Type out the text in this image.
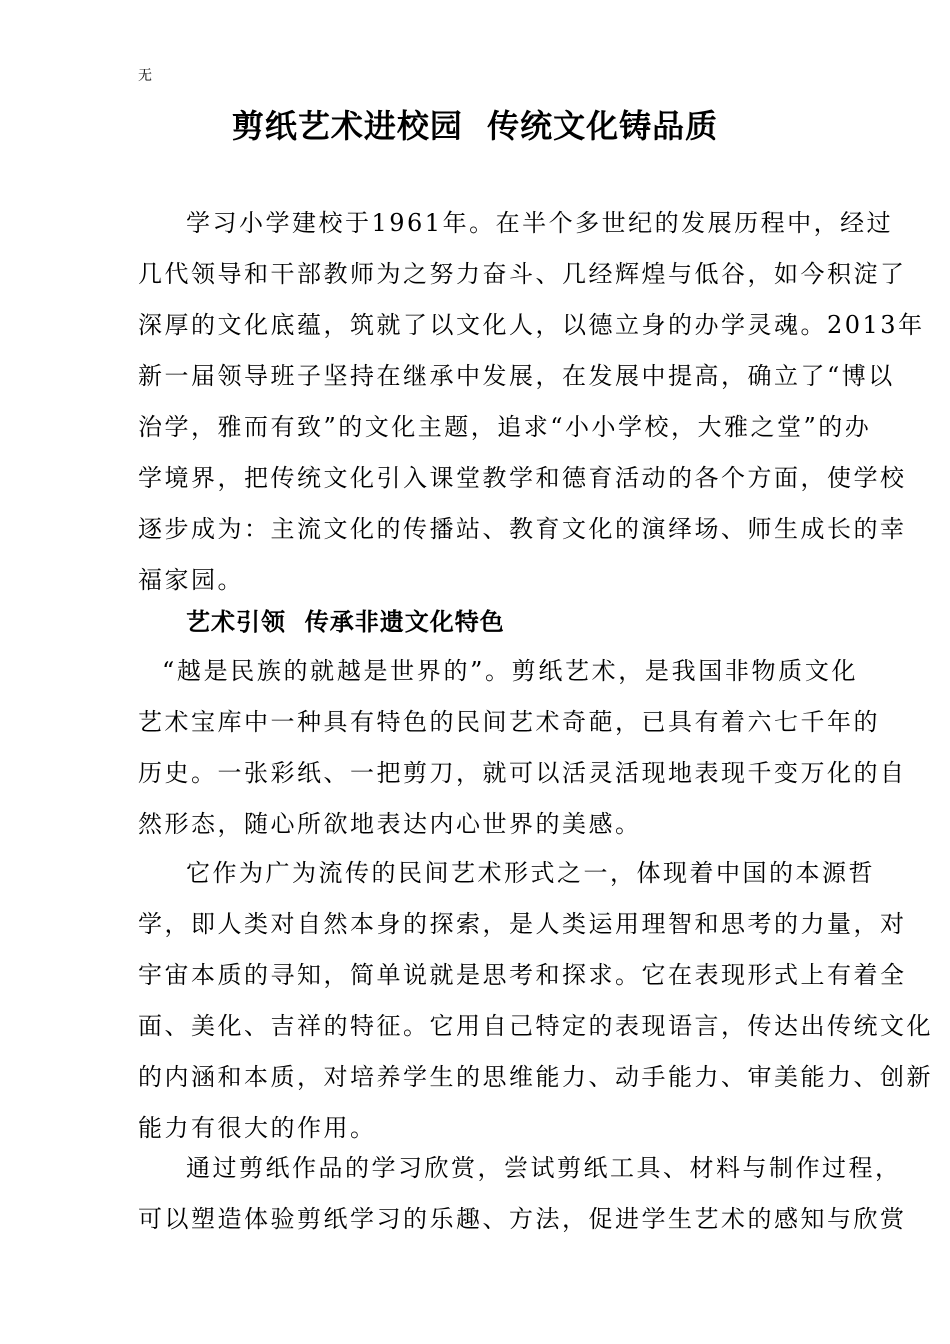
无
剪纸艺术进校园  传统文化铸品质
学习小学建校于1961年。在半个多世纪的发展历程中，经过
几代领导和干部教师为之努力奋斗、几经辉煌与低谷，如今积淀了
深厚的文化底蕴，筑就了以文化人，以德立身的办学灵魂。2013年
新一届领导班子坚持在继承中发展，在发展中提高，确立了“博以
治学，雅而有致”的文化主题，追求“小小学校，大雅之堂”的办
学境界，把传统文化引入课堂教学和德育活动的各个方面，使学校
逐步成为：主流文化的传播站、教育文化的演绎场、师生成长的幸
福家园。
艺术引领  传承非遗文化特色
“越是民族的就越是世界的”。剪纸艺术，是我国非物质文化
艺术宝库中一种具有特色的民间艺术奇葩，已具有着六七千年的
历史。一张彩纸、一把剪刀，就可以活灵活现地表现千变万化的自
然形态，随心所欲地表达内心世界的美感。
它作为广为流传的民间艺术形式之一，体现着中国的本源哲
学，即人类对自然本身的探索，是人类运用理智和思考的力量，对
宇宙本质的寻知，简单说就是思考和探求。它在表现形式上有着全
面、美化、吉祥的特征。它用自己特定的表现语言，传达出传统文化
的内涵和本质，对培养学生的思维能力、动手能力、审美能力、创新
能力有很大的作用。
通过剪纸作品的学习欣赏，尝试剪纸工具、材料与制作过程，
可以塑造体验剪纸学习的乐趣、方法，促进学生艺术的感知与欣赏
